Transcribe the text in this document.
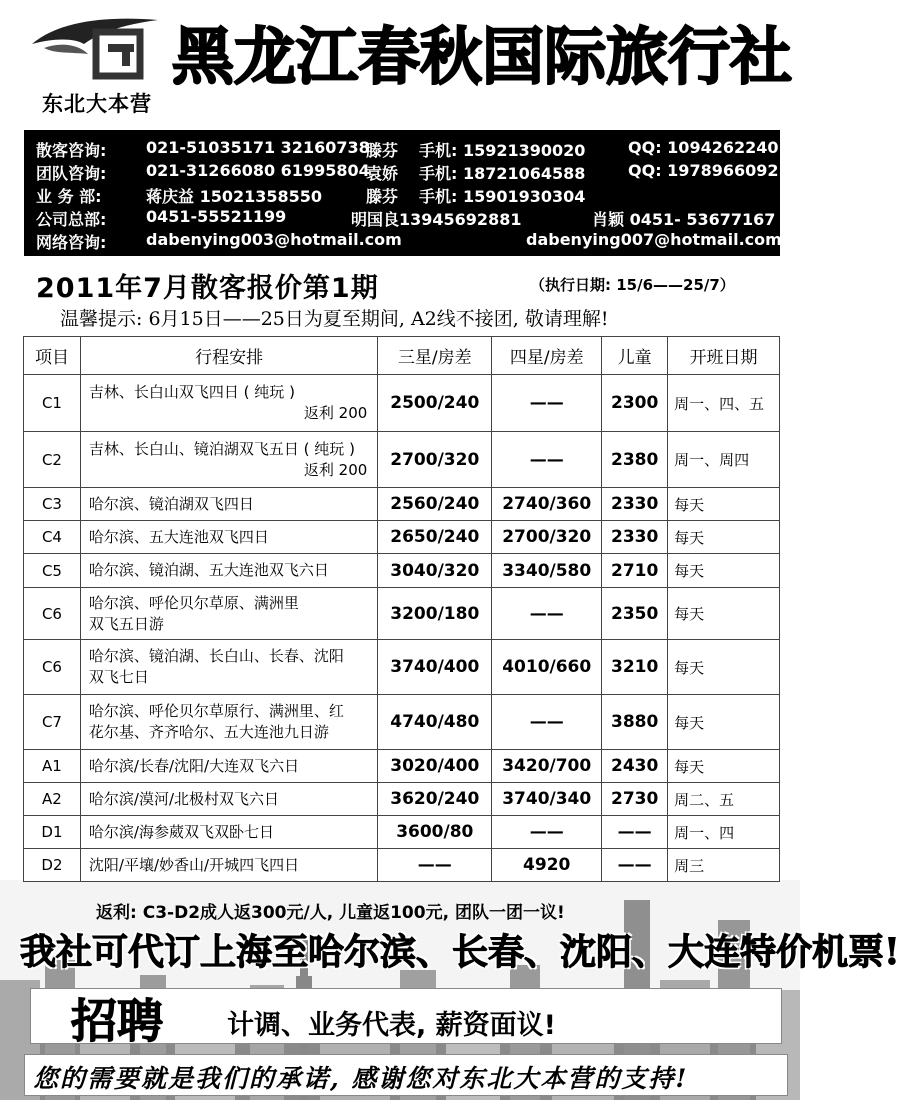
东北大本营
黑龙江春秋国际旅行社
散客咨询: 021-51035171 32160738
滕芬 手机: 15921390020	QQ: 1094262240
团队咨询: 021-31266080 61995804
袁娇 手机: 18721064588	QQ: 1978966092
业 务 部:	蒋庆益 15021358550	滕芬 手机: 15901930304
公司总部: 0451-55521199	明国良13945692881	肖颖 0451- 53677167
网络咨询: dabenying003@hotmail.com	dabenying007@hotmail.com
2011年7月散客报价第1期	（执行日期: 15/6——25/7）
温馨提示: 6月15日——25日为夏至期间, A2线不接团, 敬请理解!
项目	行程安排	三星/房差	四星/房差	儿童	开班日期
C1	吉林、长白山双飞四日 ( 纯玩 )
返利 200	2500/240	——	2300	周一、四、五
C2	吉林、长白山、镜泊湖双飞五日 ( 纯玩 )
返利 200	2700/320	——	2380	周一、周四
C3	哈尔滨、镜泊湖双飞四日	2560/240	2740/360	2330	每天
C4	哈尔滨、五大连池双飞四日	2650/240	2700/320	2330	每天
C5	哈尔滨、镜泊湖、五大连池双飞六日	3040/320	3340/580	2710	每天
C6	哈尔滨、呼伦贝尔草原、满洲里
双飞五日游	3200/180	——	2350	每天
C6	哈尔滨、镜泊湖、长白山、长春、沈阳
双飞七日	3740/400	4010/660	3210	每天
C7	哈尔滨、呼伦贝尔草原行、满洲里、红
花尔基、齐齐哈尔、五大连池九日游	4740/480	——	3880	每天
A1	哈尔滨/长春/沈阳/大连双飞六日	3020/400	3420/700	2430	每天
A2	哈尔滨/漠河/北极村双飞六日	3620/240	3740/340	2730	周二、五
D1	哈尔滨/海参葳双飞双卧七日	3600/80	——	——	周一、四
D2	沈阳/平壤/妙香山/开城四飞四日	——	4920	——	周三
返利: C3-D2成人返300元/人, 儿童返100元, 团队一团一议!
我社可代订上海至哈尔滨、长春、沈阳、大连特价机票!
招聘 计调、业务代表, 薪资面议!
您的需要就是我们的承诺, 感谢您对东北大本营的支持!
